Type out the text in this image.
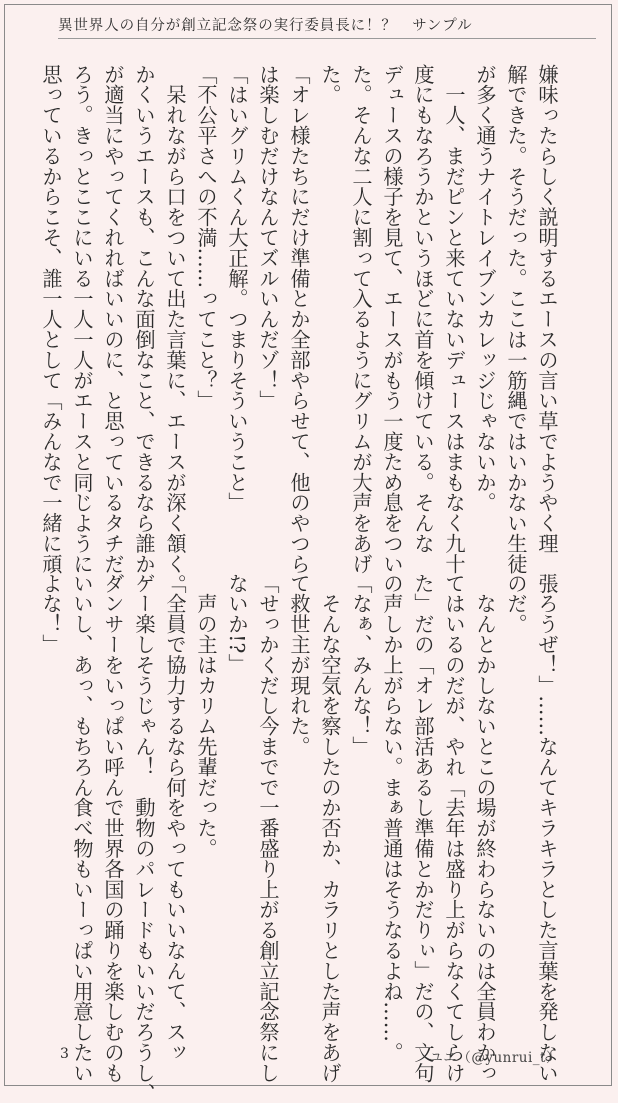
異世界人の自分が創立記念祭の実行委員長に！？　サンプル

嫌味ったらしく説明するエースの言い草でようやく理

解できた。そうだった。ここは一筋縄ではいかない生徒

が多く通うナイトレイブンカレッジじゃないか。

　一人、まだピンと来ていないデュースはまもなく九十

度にもなろうかというほどに首を傾けている。そんな

デュースの様子を見て、エースがもう一度ため息をつい

た。そんな二人に割って入るようにグリムが大声をあげ

た。

「オレ様たちにだけ準備とか全部やらせて、他のやつら

は楽しむだけなんてズルいんだゾ！」

「はいグリムくん大正解。つまりそういうこと」

「不公平さへの不満……ってこと？」

　呆れながら口をついて出た言葉に、エースが深く頷く。

かくいうエースも、こんな面倒なこと、できるなら誰か

が適当にやってくれればいいのに、と思っているタチだ

ろう。きっとここにいる一人一人がエースと同じように

思っているからこそ、誰一人として「みんなで一緒に頑

張ろうぜ！」……なんてキラキラとした言葉を発しない

のだ。

　なんとかしないとこの場が終わらないのは全員わかっ

てはいるのだが、やれ「去年は盛り上がらなくてしらけ

た」だの「オレ部活あるし準備とかだりぃ」だの、文句

の声しか上がらない。まぁ普通はそうなるよね……。

「なぁ、みんな！」

　そんな空気を察したのか否か、カラリとした声をあげ

て救世主が現れた。

「せっかくだし今までで一番盛り上がる創立記念祭にし

ないか!?」

　声の主はカリム先輩だった。

「全員で協力するなら何をやってもいいなんて、スッ

ゲー楽しそうじゃん！　動物のパレードもいいだろうし、

ダンサーをいっぱい呼んで世界各国の踊りを楽しむのも

いいし、あっ、もちろん食べ物もいーっぱい用意したい

よな！」

3	ユエ（@yunrui_t）
